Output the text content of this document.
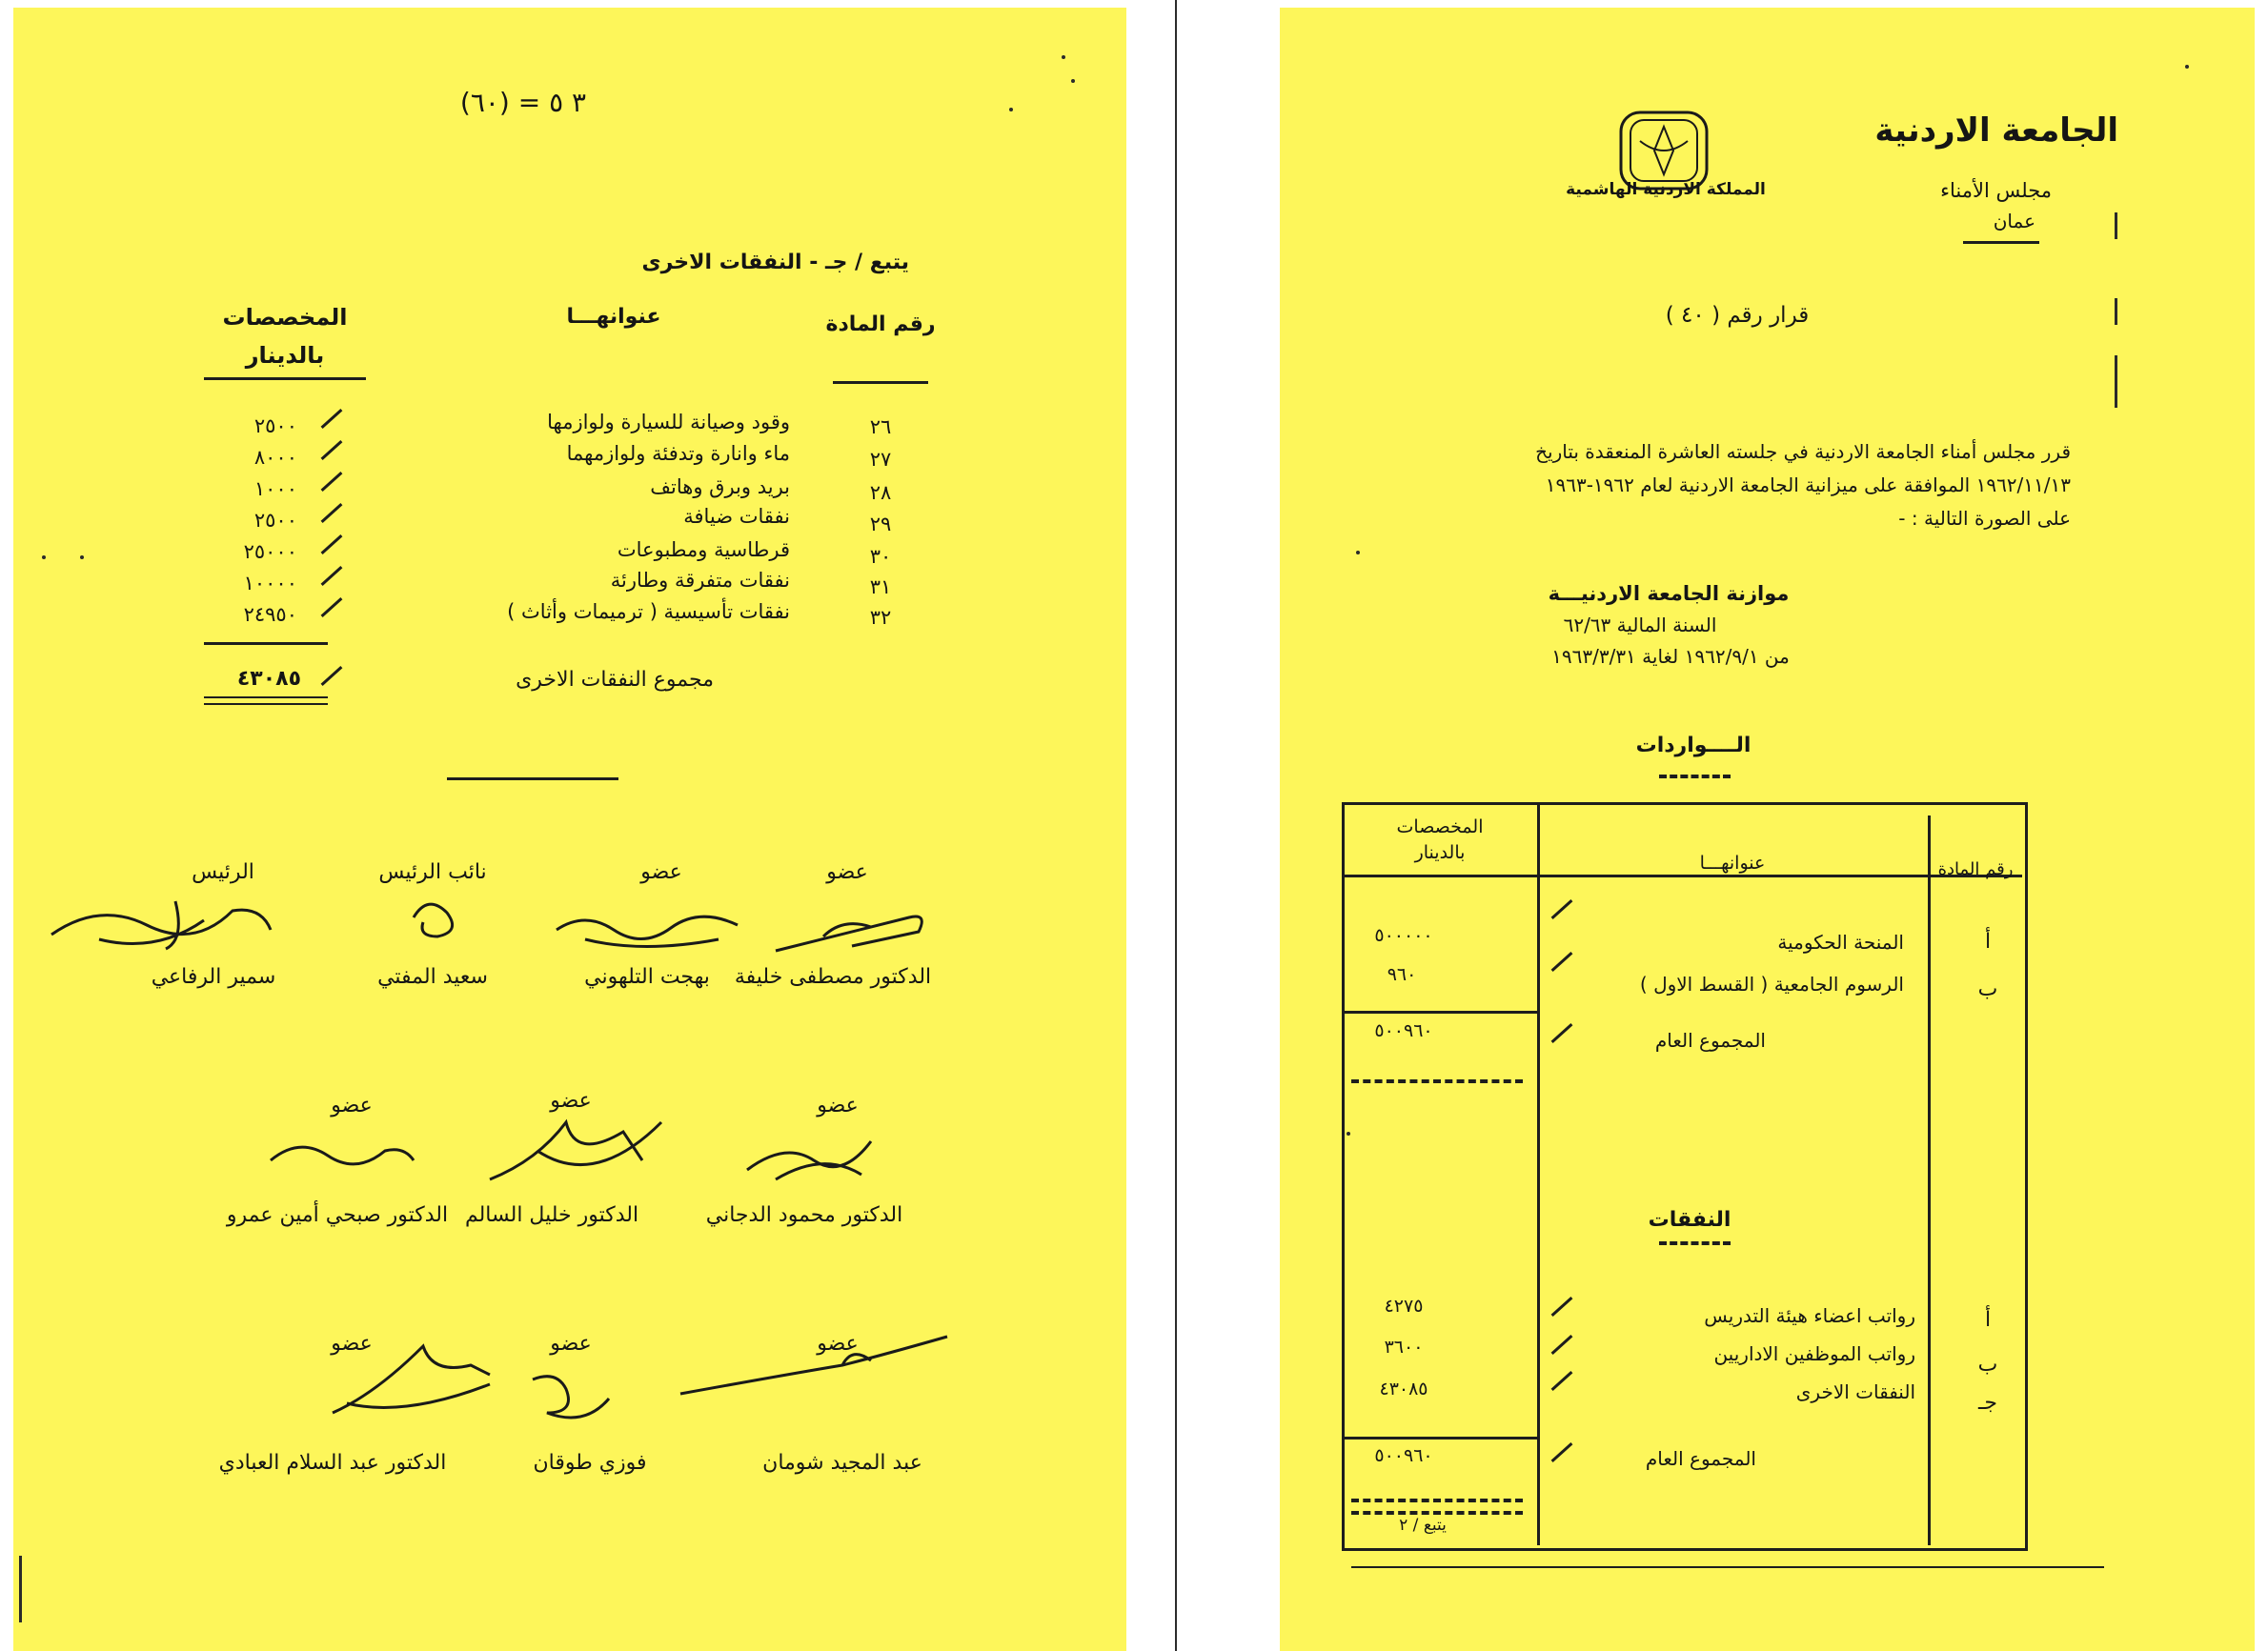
(٦٠) = ٣ ٥
يتبع / جـ - النفقات الاخرى
رقم المادة
عنوانهـــا
المخصصات
بالدينار
٢٦
وقود وصيانة للسيارة ولوازمها
٢٥٠٠
٢٧
ماء وانارة وتدفئة ولوازمهما
٨٠٠٠
٢٨
بريد وبرق وهاتف
١٠٠٠
٢٩
نفقات ضيافة
٢٥٠٠
٣٠
قرطاسية ومطبوعات
٢٥٠٠٠
٣١
نفقات متفرقة وطارئة
١٠٠٠٠
٣٢
نفقات تأسيسية ( ترميمات وأثاث )
٢٤٩٥٠
مجموع النفقات الاخرى
٤٣٠٨٥
الرئيس
سمير الرفاعي
نائب الرئيس
سعيد المفتي
عضو
بهجت التلهوني
عضو
الدكتور مصطفى خليفة
عضو
الدكتور صبحي أمين عمرو
عضو
الدكتور خليل السالم
عضو
الدكتور محمود الدجاني
عضو
الدكتور عبد السلام العبادي
عضو
فوزي طوقان
عضو
عبد المجيد شومان
الجامعة الاردنية
مجلس الأمناء
عمان
المملكة الاردنية الهاشمية
قرار رقم ( ٤٠ )
قرر مجلس أمناء الجامعة الاردنية في جلسته العاشرة المنعقدة بتاريخ
١٩٦٢/١١/١٣ الموافقة على ميزانية الجامعة الاردنية لعام ١٩٦٢-١٩٦٣
على الصورة التالية : -
موازنة الجامعة الاردنيـــة
السنة المالية ٦٢/٦٣
من ١٩٦٢/٩/١ لغاية ١٩٦٣/٣/٣١
الــــواردات
رقم المادة
عنوانهـــا
المخصصات
بالدينار
أ
المنحة الحكومية
٥٠٠٠٠٠
ب
الرسوم الجامعية ( القسط الاول )
٩٦٠
المجموع العام
٥٠٠٩٦٠
النفقات
أ
رواتب اعضاء هيئة التدريس
٤٢٧٥
ب
رواتب الموظفين الاداريين
٣٦٠٠
جـ
النفقات الاخرى
٤٣٠٨٥
المجموع العام
٥٠٠٩٦٠
يتبع / ٢
